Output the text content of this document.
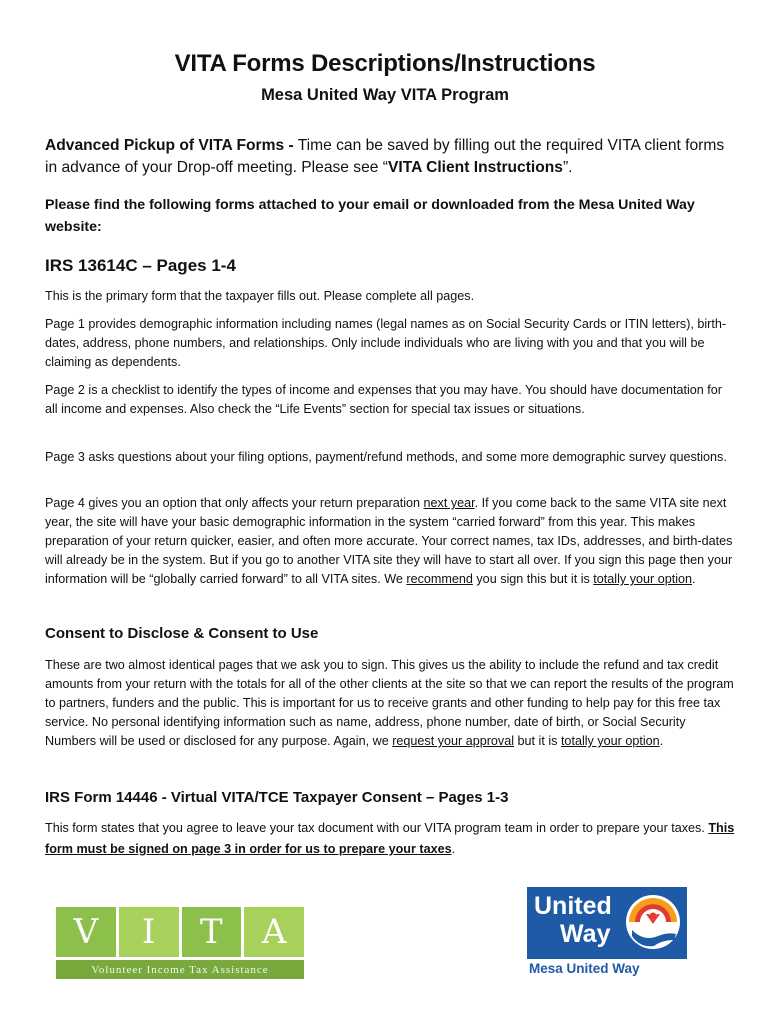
VITA Forms Descriptions/Instructions
Mesa United Way VITA Program
Advanced Pickup of VITA Forms - Time can be saved by filling out the required VITA client forms in advance of your Drop-off meeting. Please see “VITA Client Instructions”.
Please find the following forms attached to your email or downloaded from the Mesa United Way website:
IRS 13614C – Pages 1-4
This is the primary form that the taxpayer fills out. Please complete all pages.
Page 1 provides demographic information including names (legal names as on Social Security Cards or ITIN letters), birth-dates, address, phone numbers, and relationships. Only include individuals who are living with you and that you will be claiming as dependents.
Page 2 is a checklist to identify the types of income and expenses that you may have. You should have documentation for all income and expenses. Also check the “Life Events” section for special tax issues or situations.
Page 3 asks questions about your filing options, payment/refund methods, and some more demographic survey questions.
Page 4 gives you an option that only affects your return preparation next year. If you come back to the same VITA site next year, the site will have your basic demographic information in the system “carried forward” from this year. This makes preparation of your return quicker, easier, and often more accurate. Your correct names, tax IDs, addresses, and birth-dates will already be in the system. But if you go to another VITA site they will have to start all over. If you sign this page then your information will be “globally carried forward” to all VITA sites. We recommend you sign this but it is totally your option.
Consent to Disclose & Consent to Use
These are two almost identical pages that we ask you to sign. This gives us the ability to include the refund and tax credit amounts from your return with the totals for all of the other clients at the site so that we can report the results of the program to partners, funders and the public. This is important for us to receive grants and other funding to help pay for this free tax service. No personal identifying information such as name, address, phone number, date of birth, or Social Security Numbers will be used or disclosed for any purpose. Again, we request your approval but it is totally your option.
IRS Form 14446 - Virtual VITA/TCE Taxpayer Consent – Pages 1-3
This form states that you agree to leave your tax document with our VITA program team in order to prepare your taxes. This form must be signed on page 3 in order for us to prepare your taxes.
V	I	T	A
Volunteer Income Tax Assistance
United
Way
Mesa United Way
